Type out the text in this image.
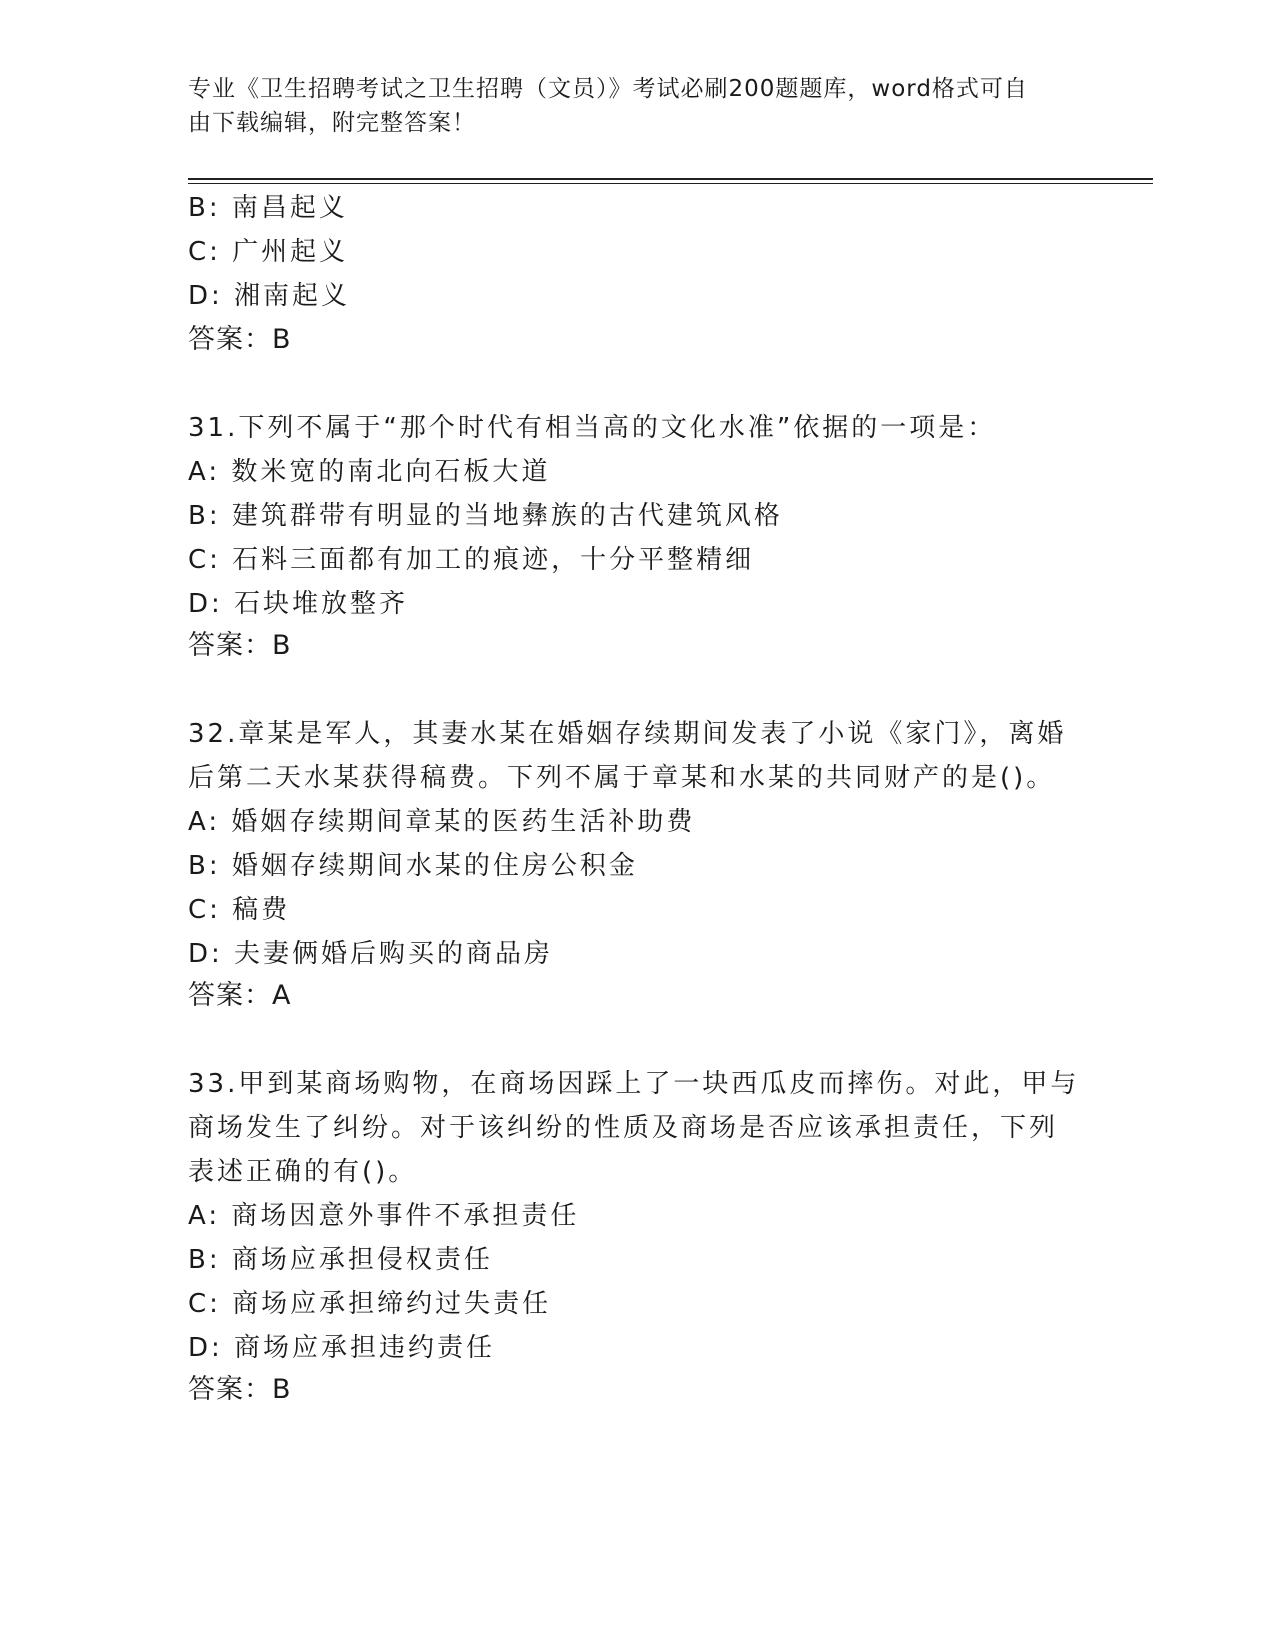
专业《卫生招聘考试之卫生招聘（文员）》考试必刷200题题库，word格式可自
由下载编辑，附完整答案！
B: 南昌起义
C: 广州起义
D: 湘南起义
答案：B
31.下列不属于“那个时代有相当高的文化水准”依据的一项是：
A: 数米宽的南北向石板大道
B: 建筑群带有明显的当地彝族的古代建筑风格
C: 石料三面都有加工的痕迹，十分平整精细
D: 石块堆放整齐
答案：B
32.章某是军人，其妻水某在婚姻存续期间发表了小说《家门》，离婚
后第二天水某获得稿费。下列不属于章某和水某的共同财产的是()。
A: 婚姻存续期间章某的医药生活补助费
B: 婚姻存续期间水某的住房公积金
C: 稿费
D: 夫妻俩婚后购买的商品房
答案：A
33.甲到某商场购物，在商场因踩上了一块西瓜皮而摔伤。对此，甲与
商场发生了纠纷。对于该纠纷的性质及商场是否应该承担责任，下列
表述正确的有()。
A: 商场因意外事件不承担责任
B: 商场应承担侵权责任
C: 商场应承担缔约过失责任
D: 商场应承担违约责任
答案：B
